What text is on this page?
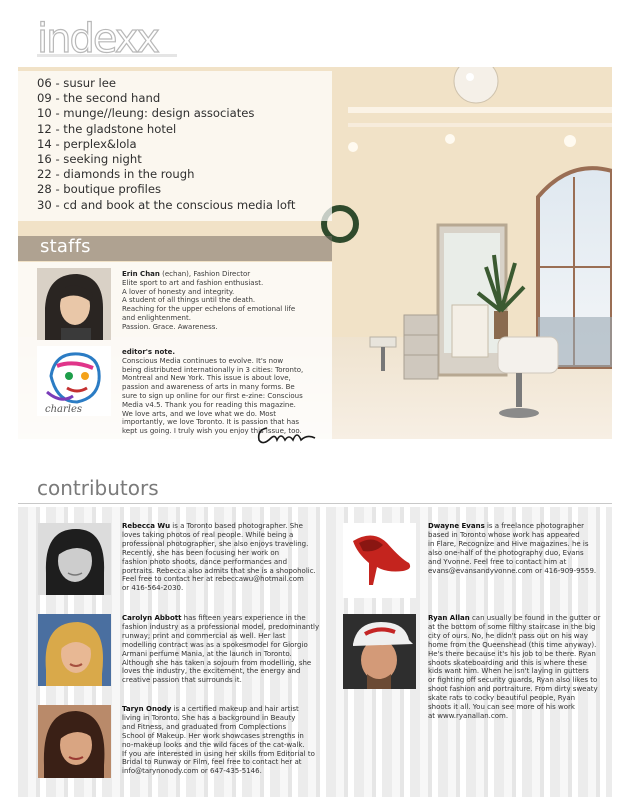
indexx
06 - susur lee
09 - the second hand
10 - munge//leung: design associates
12 - the gladstone hotel
14 - perplex&lola
16 - seeking night
22 - diamonds in the rough
28 - boutique profiles
30 - cd and book at the conscious media loft
staffs
Erin Chan (echan), Fashion Director
Elite sport to art and fashion enthusiast.
A lover of honesty and integrity.
A student of all things until the death.
Reaching for the upper echelons of emotional life
and enlightenment.
Passion. Grace. Awareness.
charles
editor's note.
Conscious Media continues to evolve. It's now
being distributed internationally in 3 cities: Toronto,
Montreal and New York. This issue is about love,
passion and awareness of arts in many forms. Be
sure to sign up online for our first e-zine: Conscious
Media v4.5. Thank you for reading this magazine.
We love arts, and we love what we do. Most
importantly, we love Toronto. It is passion that has
kept us going. I truly wish you enjoy this issue, too.
contributors
Rebecca Wu is a Toronto based photographer. She
loves taking photos of real people. While being a
professional photographer, she also enjoys traveling.
Recently, she has been focusing her work on
fashion photo shoots, dance performances and
portraits. Rebecca also admits that she is a shopoholic.
Feel free to contact her at rebeccawu@hotmail.com
or 416-564-2030.
Carolyn Abbott has fifteen years experience in the
fashion industry as a professional model, predominantly
runway; print and commercial as well. Her last
modelling contract was as a spokesmodel for Giorgio
Armani perfume Mania, at the launch in Toronto.
Although she has taken a sojourn from modelling, she
loves the industry, the excitement, the energy and
creative passion that surrounds it.
Taryn Onody is a certified makeup and hair artist
living in Toronto. She has a background in Beauty
and Fitness, and graduated from Complections
School of Makeup. Her work showcases strengths in
no-makeup looks and the wild faces of the cat-walk.
If you are interested in using her skills from Editorial to
Bridal to Runway or Film, feel free to contact her at
info@tarynonody.com or 647-435-5146.
Dwayne Evans is a freelance photographer
based in Toronto whose work has appeared
in Flare, Recognize and Hive magazines. he is
also one-half of the photography duo, Evans
and Yvonne. Feel free to contact him at
evans@evansandyvonne.com or 416-909-9559.
Ryan Allan can usually be found in the gutter or
at the bottom of some filthy staircase in the big
city of ours. No, he didn't pass out on his way
home from the Queenshead (this time anyway).
He's there because it's his job to be there. Ryan
shoots skateboarding and this is where these
kids want him. When he isn't laying in gutters
or fighting off security guards, Ryan also likes to
shoot fashion and portraiture. From dirty sweaty
skate rats to cocky beautiful people, Ryan
shoots it all. You can see more of his work
at www.ryanallan.com.
